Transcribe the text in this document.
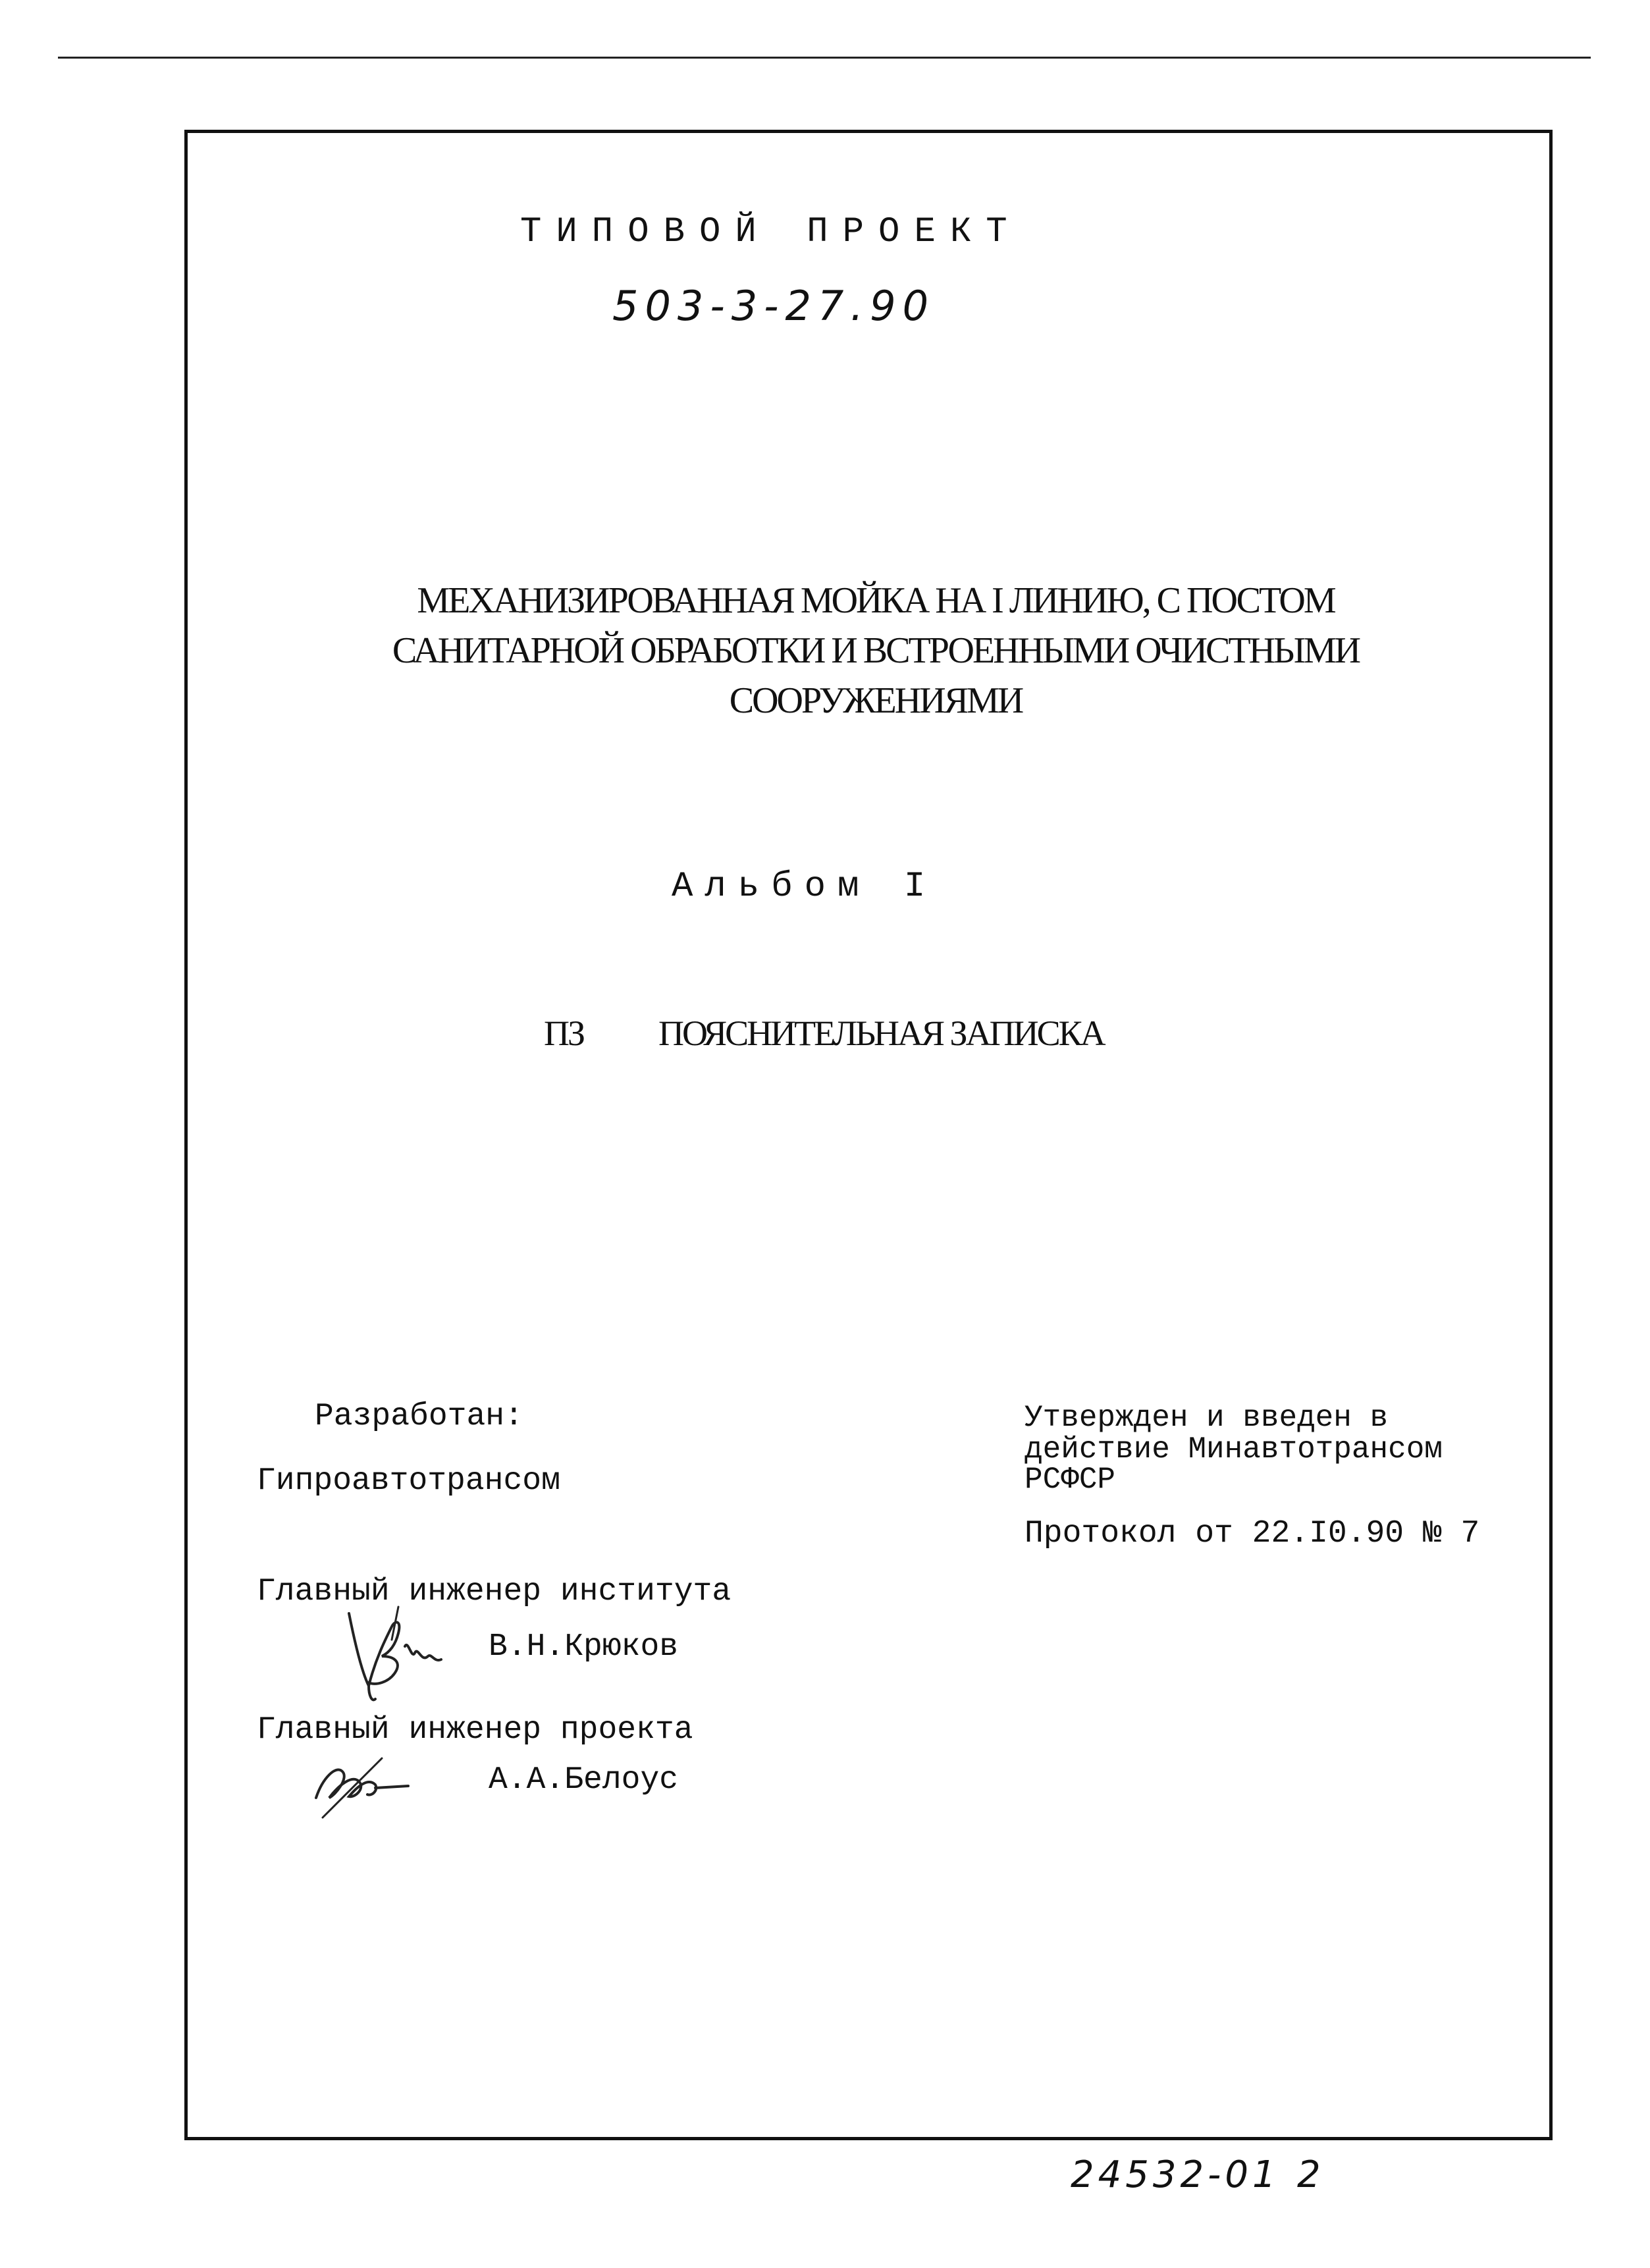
ТИПОВОЙ ПРОЕКТ
503-3-27.90
МЕХАНИЗИРОВАННАЯ МОЙКА НА I ЛИНИЮ, С ПОСТОМ
САНИТАРНОЙ ОБРАБОТКИ И ВСТРОЕННЫМИ ОЧИСТНЫМИ
СООРУЖЕНИЯМИ
Альбом I
ПЗ ПОЯСНИТЕЛЬНАЯ ЗАПИСКА
Разработан:
Гипроавтотрансом
Утвержден и введен в
действие Минавтотрансом
РСФСР
Протокол от 22.I0.90 № 7
Главный инженер института
В.Н.Крюков
Главный инженер проекта
А.А.Белоус
24532-01 2
